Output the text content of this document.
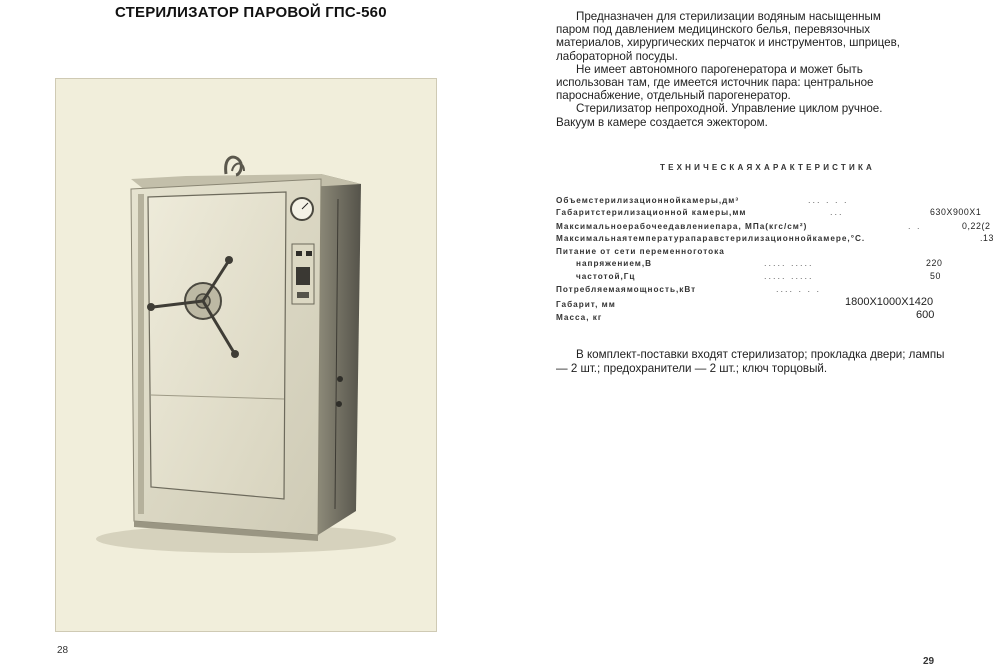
СТЕРИЛИЗАТОР ПАРОВОЙ ГПС-560
28
29

Предназначен для стерилизации водяным насыщенным паром под давлением медицинского белья, перевязочных материалов, хирургических перчаток и инструментов, шприцев, лабораторной посуды.

Не имеет автономного парогенератора и может быть использован там, где имеется источник пара: центральное пароснабжение, отдельный парогенератор.

Стерилизатор непроходной. Управление циклом ручное. Вакуум в камере создается эжектором.

ТЕХНИЧЕСКАЯХАРАКТЕРИСТИКА
Объемстерилизационнойкамеры,дм³	... . . .
Габаритстерилизационной камеры,мм	...	630Х900Х1
Максимальноерабочеедавлениепара, МПа(кгс/см²)	. .	0,22(2
Максимальнаятемпературапаравстерилизационнойкамере,°С.	.13
Питание от сети переменноготока
напряжением,В	..... .....	220
частотой,Гц	..... .....	50
Потребляемаямощность,кВт	.... . . .
Габарит, мм	1800Х1000Х1420
Масса, кг	600

В комплект-поставки входят стерилизатор; прокладка двери; лампы — 2 шт.; предохранители — 2 шт.; ключ торцовый.
